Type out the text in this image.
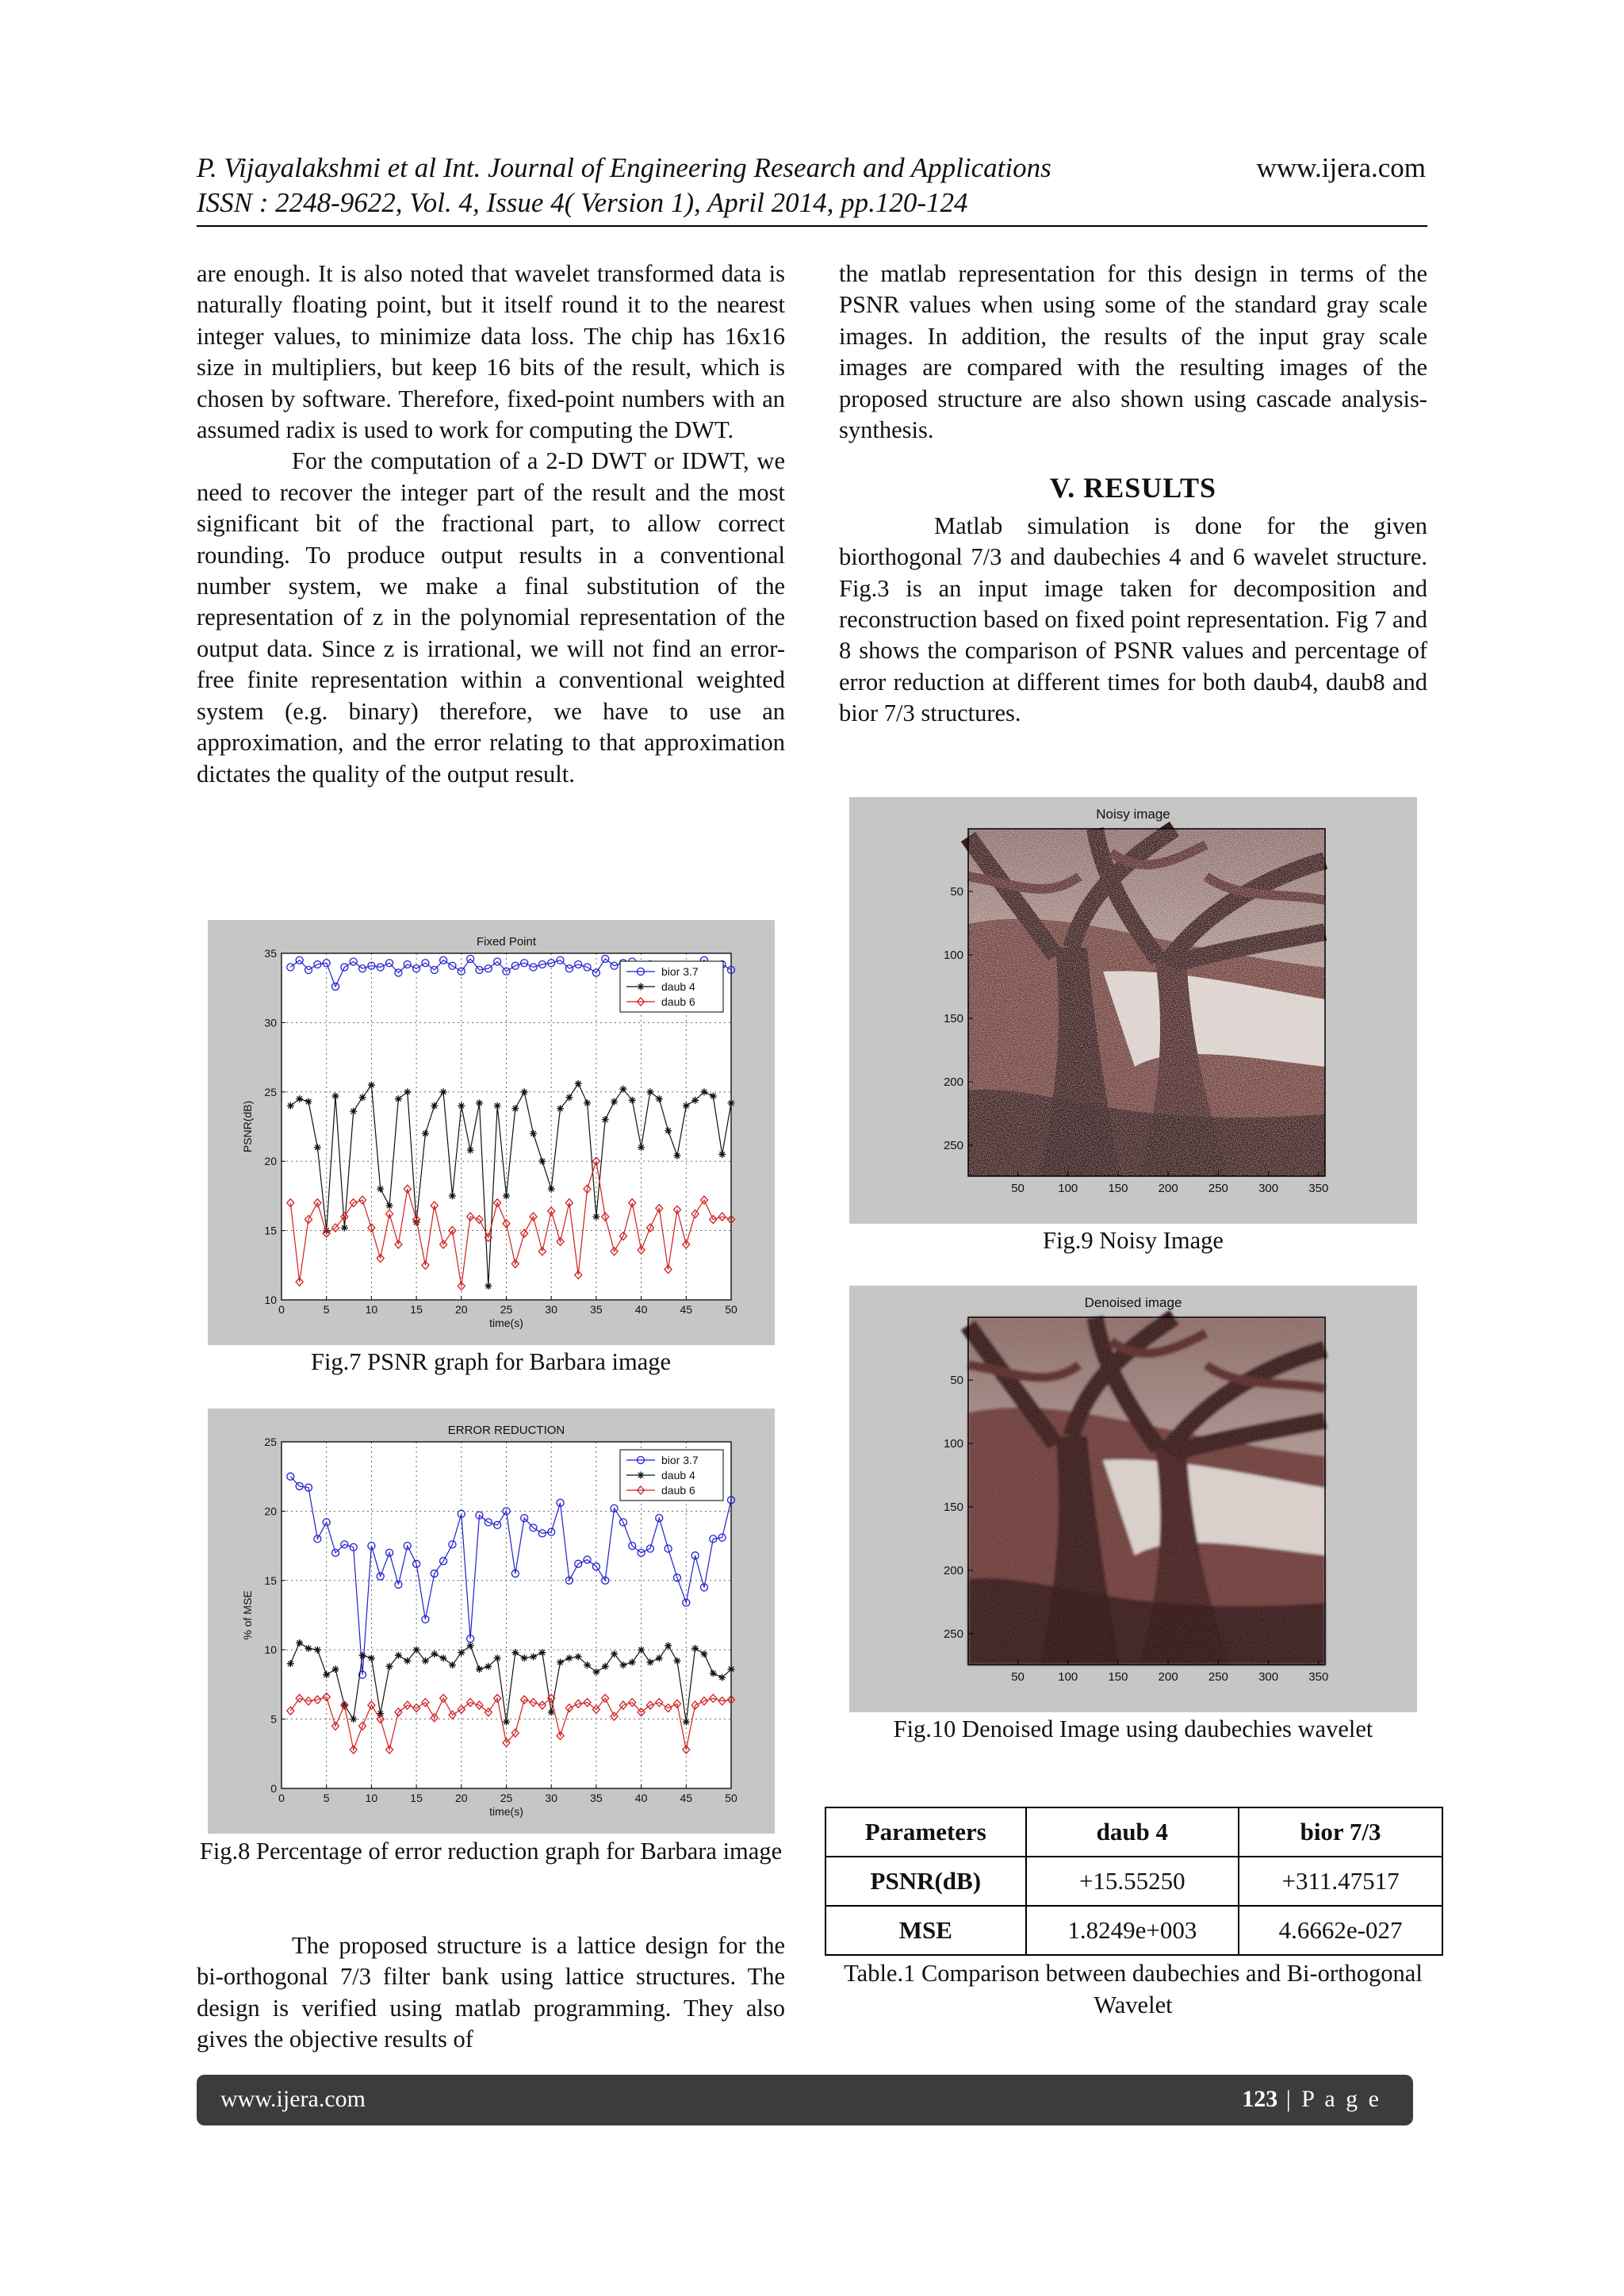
P. Vijayalakshmi et al Int. Journal of Engineering Research and Applications
ISSN : 2248-9622, Vol. 4, Issue 4( Version 1), April 2014, pp.120-124
www.ijera.com

are enough. It is also noted that wavelet transformed data is naturally floating point, but it itself round it to the nearest integer values, to minimize data loss. The chip has 16x16 size in multipliers, but keep 16 bits of the result, which is chosen by software. Therefore, fixed-point numbers with an assumed radix is used to work for computing the DWT.

For the computation of a 2-D DWT or IDWT, we need to recover the integer part of the result and the most significant bit of the fractional part, to allow correct rounding. To produce output results in a conventional number system, we make a final substitution of the representation of z in the polynomial representation of the output data. Since z is irrational, we will not find an error-free finite representation within a conventional weighted system (e.g. binary) therefore, we have to use an approximation, and the error relating to that approximation dictates the quality of the output result.

the matlab representation for this design in terms of the PSNR values when using some of the standard gray scale images. In addition, the results of the input gray scale images are compared with the resulting images of the proposed structure are also shown using cascade analysis-synthesis.

V. RESULTS

Matlab simulation is done for the given biorthogonal 7/3 and daubechies 4 and 6 wavelet structure. Fig.3 is an input image taken for decomposition and reconstruction based on fixed point representation. Fig 7 and 8 shows the comparison of PSNR values and percentage of error reduction at different times for both daub4, daub8 and bior 7/3 structures.

0	5	10	15	20	25	30	35	40	45	50
10
15
20
25
30
35
Fixed Point
time(s)
PSNR(dB)
bior 3.7
daub 4
daub 6
Fig.7 PSNR graph for Barbara image
0	5	10	15	20	25	30	35	40	45	50
0
5
10
15
20
25
ERROR REDUCTION
time(s)
% of MSE
bior 3.7
daub 4
daub 6
Fig.8 Percentage of error reduction graph for Barbara image

The proposed structure is a lattice design for the bi-orthogonal 7/3 filter bank using lattice structures. The design is verified using matlab programming. They also gives the objective results of

Noisy image
50	100	150	200	250	300	350
50
100
150
200
250
Fig.9 Noisy Image
Denoised image
50	100	150	200	250	300	350
50
100
150
200
250
Fig.10 Denoised Image using daubechies wavelet
Parameters	daub 4	bior 7/3
PSNR(dB)	+15.55250	+311.47517
MSE	1.8249e+003	4.6662e-027
Table.1 Comparison between daubechies and Bi-orthogonal Wavelet
www.ijera.com	123 | P a g e
